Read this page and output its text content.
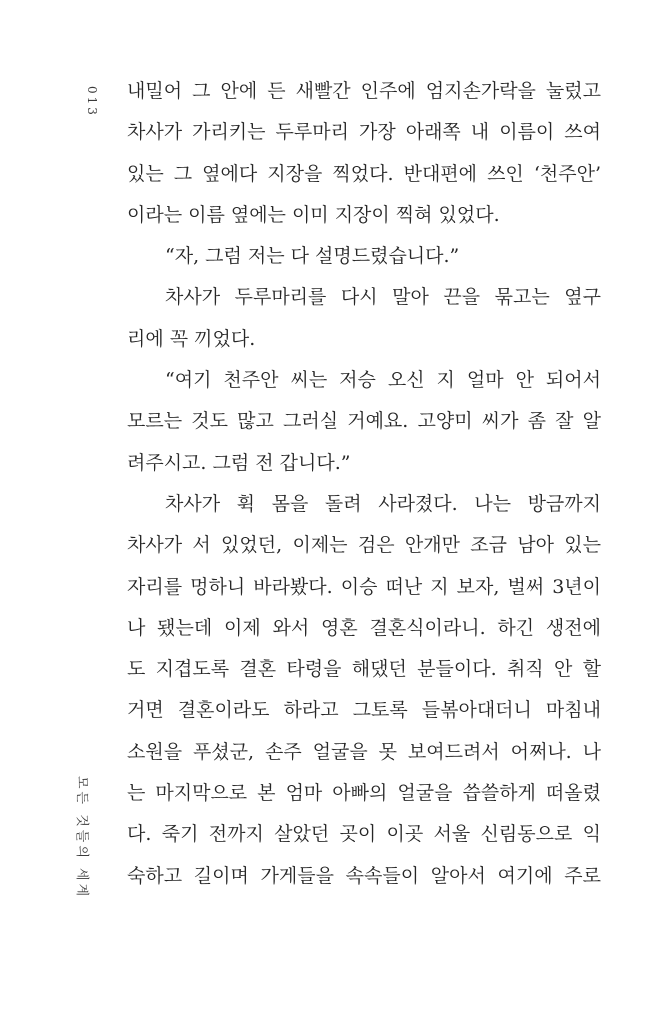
013
모든 것들의 세계
내밀어 그 안에 든 새빨간 인주에 엄지손가락을 눌렀고
차사가 가리키는 두루마리 가장 아래쪽 내 이름이 쓰여
있는 그 옆에다 지장을 찍었다. 반대편에 쓰인 ‘천주안’
이라는 이름 옆에는 이미 지장이 찍혀 있었다.
“자, 그럼 저는 다 설명드렸습니다.”
차사가 두루마리를 다시 말아 끈을 묶고는 옆구
리에 꼭 끼었다.
“여기 천주안 씨는 저승 오신 지 얼마 안 되어서
모르는 것도 많고 그러실 거예요. 고양미 씨가 좀 잘 알
려주시고. 그럼 전 갑니다.”
차사가 휙 몸을 돌려 사라졌다. 나는 방금까지
차사가 서 있었던, 이제는 검은 안개만 조금 남아 있는
자리를 멍하니 바라봤다. 이승 떠난 지 보자, 벌써 3년이
나 됐는데 이제 와서 영혼 결혼식이라니. 하긴 생전에
도 지겹도록 결혼 타령을 해댔던 분들이다. 취직 안 할
거면 결혼이라도 하라고 그토록 들볶아대더니 마침내
소원을 푸셨군, 손주 얼굴을 못 보여드려서 어쩌나. 나
는 마지막으로 본 엄마 아빠의 얼굴을 씁쓸하게 떠올렸
다. 죽기 전까지 살았던 곳이 이곳 서울 신림동으로 익
숙하고 길이며 가게들을 속속들이 알아서 여기에 주로
